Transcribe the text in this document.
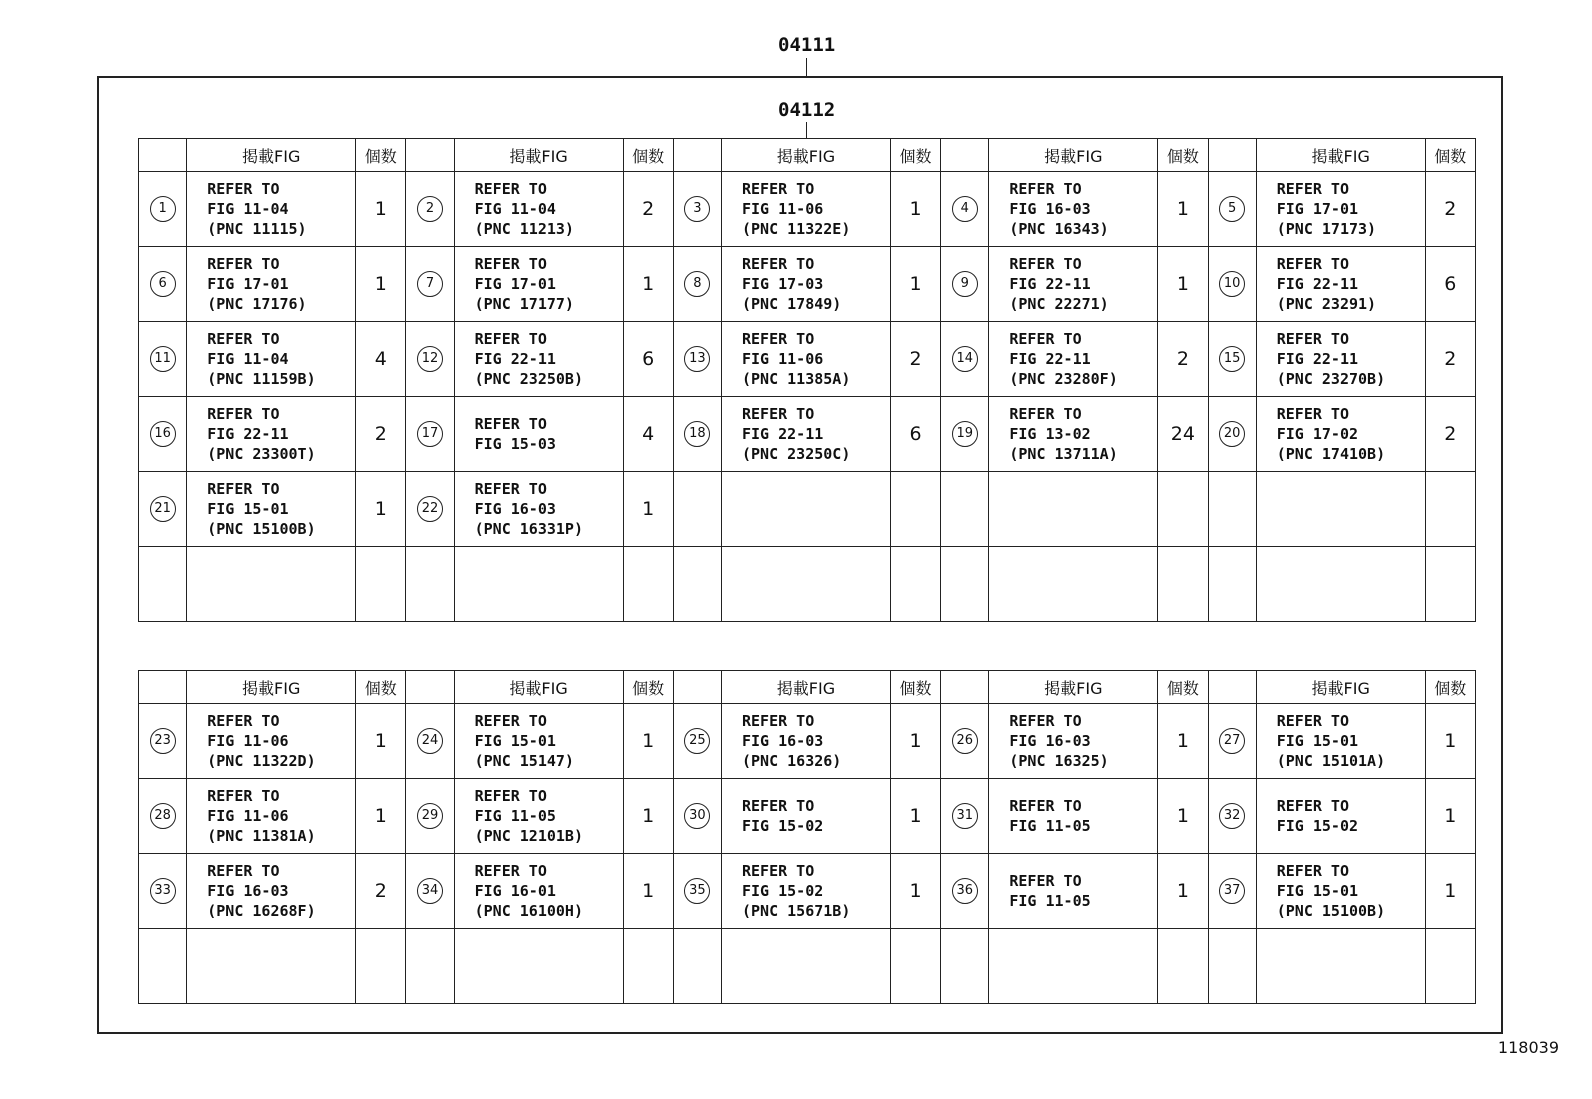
04111
04112
	掲載FIG	個数		掲載FIG	個数		掲載FIG	個数		掲載FIG	個数		掲載FIG	個数
1	REFER TO
FIG 11-04
(PNC 11115)	1	2	REFER TO
FIG 11-04
(PNC 11213)	2	3	REFER TO
FIG 11-06
(PNC 11322E)	1	4	REFER TO
FIG 16-03
(PNC 16343)	1	5	REFER TO
FIG 17-01
(PNC 17173)	2
6	REFER TO
FIG 17-01
(PNC 17176)	1	7	REFER TO
FIG 17-01
(PNC 17177)	1	8	REFER TO
FIG 17-03
(PNC 17849)	1	9	REFER TO
FIG 22-11
(PNC 22271)	1	10	REFER TO
FIG 22-11
(PNC 23291)	6
11	REFER TO
FIG 11-04
(PNC 11159B)	4	12	REFER TO
FIG 22-11
(PNC 23250B)	6	13	REFER TO
FIG 11-06
(PNC 11385A)	2	14	REFER TO
FIG 22-11
(PNC 23280F)	2	15	REFER TO
FIG 22-11
(PNC 23270B)	2
16	REFER TO
FIG 22-11
(PNC 23300T)	2	17	REFER TO
FIG 15-03	4	18	REFER TO
FIG 22-11
(PNC 23250C)	6	19	REFER TO
FIG 13-02
(PNC 13711A)	24	20	REFER TO
FIG 17-02
(PNC 17410B)	2
21	REFER TO
FIG 15-01
(PNC 15100B)	1	22	REFER TO
FIG 16-03
(PNC 16331P)	1									

	掲載FIG	個数		掲載FIG	個数		掲載FIG	個数		掲載FIG	個数		掲載FIG	個数
23	REFER TO
FIG 11-06
(PNC 11322D)	1	24	REFER TO
FIG 15-01
(PNC 15147)	1	25	REFER TO
FIG 16-03
(PNC 16326)	1	26	REFER TO
FIG 16-03
(PNC 16325)	1	27	REFER TO
FIG 15-01
(PNC 15101A)	1
28	REFER TO
FIG 11-06
(PNC 11381A)	1	29	REFER TO
FIG 11-05
(PNC 12101B)	1	30	REFER TO
FIG 15-02	1	31	REFER TO
FIG 11-05	1	32	REFER TO
FIG 15-02	1
33	REFER TO
FIG 16-03
(PNC 16268F)	2	34	REFER TO
FIG 16-01
(PNC 16100H)	1	35	REFER TO
FIG 15-02
(PNC 15671B)	1	36	REFER TO
FIG 11-05	1	37	REFER TO
FIG 15-01
(PNC 15100B)	1

118039
